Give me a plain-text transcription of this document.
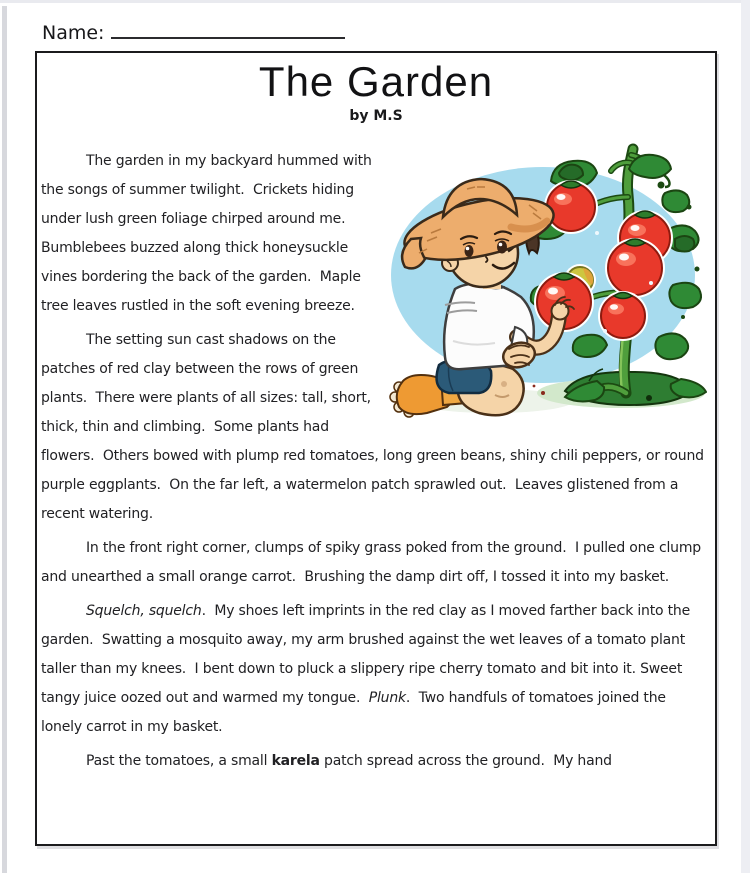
Name:
The Garden
by M.S

The garden in my backyard hummed with the songs of summer twilight.  Crickets hiding under lush green foliage chirped around me.  Bumblebees buzzed along thick honeysuckle vines bordering the back of the garden.  Maple tree leaves rustled in the soft evening breeze.

The setting sun cast shadows on the patches of red clay between the rows of green plants.  There were plants of all sizes: tall, short, thick, thin and climbing.  Some plants had flowers.  Others bowed with plump red tomatoes, long green beans, shiny chili peppers, or round purple eggplants.  On the far left, a watermelon patch sprawled out.  Leaves glistened from a recent watering.

In the front right corner, clumps of spiky grass poked from the ground.  I pulled one clump and unearthed a small orange carrot.  Brushing the damp dirt off, I tossed it into my basket.

Squelch, squelch.  My shoes left imprints in the red clay as I moved farther back into the garden.  Swatting a mosquito away, my arm brushed against the wet leaves of a tomato plant taller than my knees.  I bent down to pluck a slippery ripe cherry tomato and bit into it. Sweet tangy juice oozed out and warmed my tongue.  Plunk.  Two handfuls of tomatoes joined the lonely carrot in my basket.

Past the tomatoes, a small karela patch spread across the ground.  My hand
